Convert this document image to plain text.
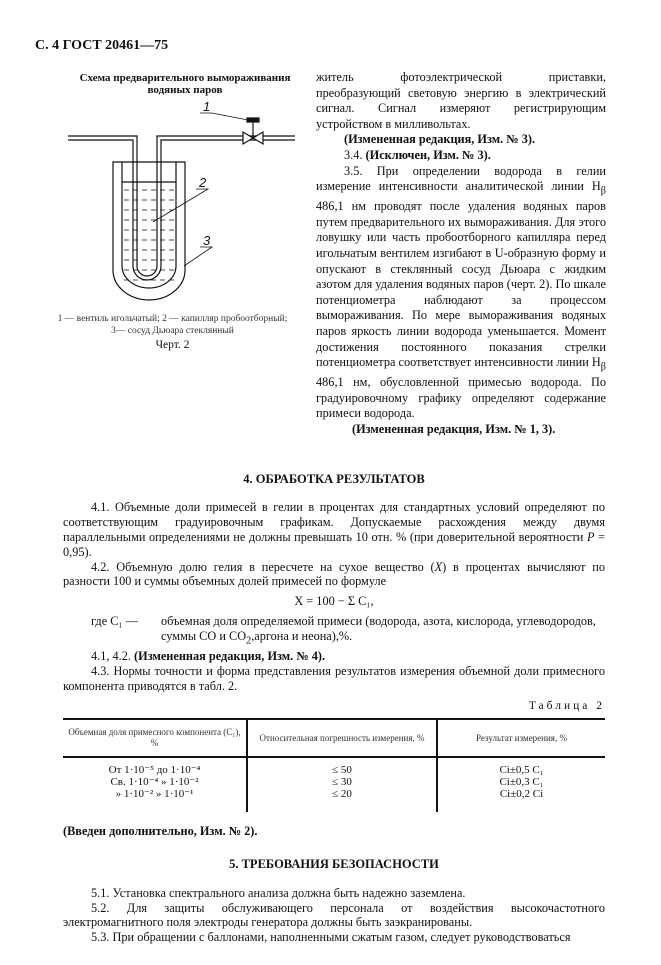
С. 4 ГОСТ 20461—75
Схема предварительного вымораживания водяных паров
1
2
3
1 — вентиль игольчатый; 2 — капилляр пробоотборный;
3— сосуд Дьюара стеклянный
Черт. 2

житель фотоэлектрической приставки, преобразующий световую энергию в электрический сигнал. Сигнал измеряют регистрирующим устройством в милливольтах.

(Измененная редакция, Изм. № 3).

3.4. (Исключен, Изм. № 3).

3.5. При определении водорода в гелии измерение интенсивности аналитической линии $H_\beta$ 486,1 нм проводят после удаления водяных паров путем предварительного их вымораживания. Для этого ловушку или часть пробоотборного капилляра перед игольчатым вентилем изгибают в U-образную форму и опускают в стеклянный сосуд Дьюара с жидким азотом для удаления водяных паров (черт. 2). По шкале потенциометра наблюдают за процессом вымораживания. По мере вымораживания водяных паров яркость линии водорода уменьшается. Момент достижения постоянного показания стрелки потенциометра соответствует интенсивности линии $H_\beta$ 486,1 нм, обусловленной примесью водорода. По градуировочному графику определяют содержание примеси водорода.

(Измененная редакция, Изм. № 1, 3).

4. ОБРАБОТКА РЕЗУЛЬТАТОВ

4.1. Объемные доли примесей в гелии в процентах для стандартных условий определяют по соответствующим градуировочным графикам. Допускаемые расхождения между двумя параллельными определениями не должны превышать 10 отн. % (при доверительной вероятности P = 0,95).

4.2. Объемную долю гелия в пересчете на сухое вещество (X) в процентах вычисляют по разности 100 и суммы объемных долей примесей по формуле

X = 100 − Σ C₁,
где C₁ —	объемная доля определяемой примеси (водорода, азота, кислорода, углеводородов, суммы CO и $CO_2,аргона$ и неона),%.

4.1, 4.2. (Измененная редакция, Изм. № 4).

4.3. Нормы точности и форма представления результатов измерения объемной доли примесного компонента приводятся в табл. 2.

Таблица 2
Объемная доля примесного компонента (C₁), %	Относительная погрешность измерения, %	Результат измерения, %
От 1·10⁻⁵ до 1·10⁻⁴	≤ 50	Ci±0,5 C₁
Св. 1·10⁻⁴ » 1·10⁻²	≤ 30	Ci±0,3 C₁
» 1·10⁻² » 1·10⁻¹	≤ 20	Ci±0,2 Ci

(Введен дополнительно, Изм. № 2).

5. ТРЕБОВАНИЯ БЕЗОПАСНОСТИ

5.1. Установка спектрального анализа должна быть надежно заземлена.

5.2. Для защиты обслуживающего персонала от воздействия высокочастотного электромагнитного поля электроды генератора должны быть заэкранированы.

5.3. При обращении с баллонами, наполненными сжатым газом, следует руководствоваться
